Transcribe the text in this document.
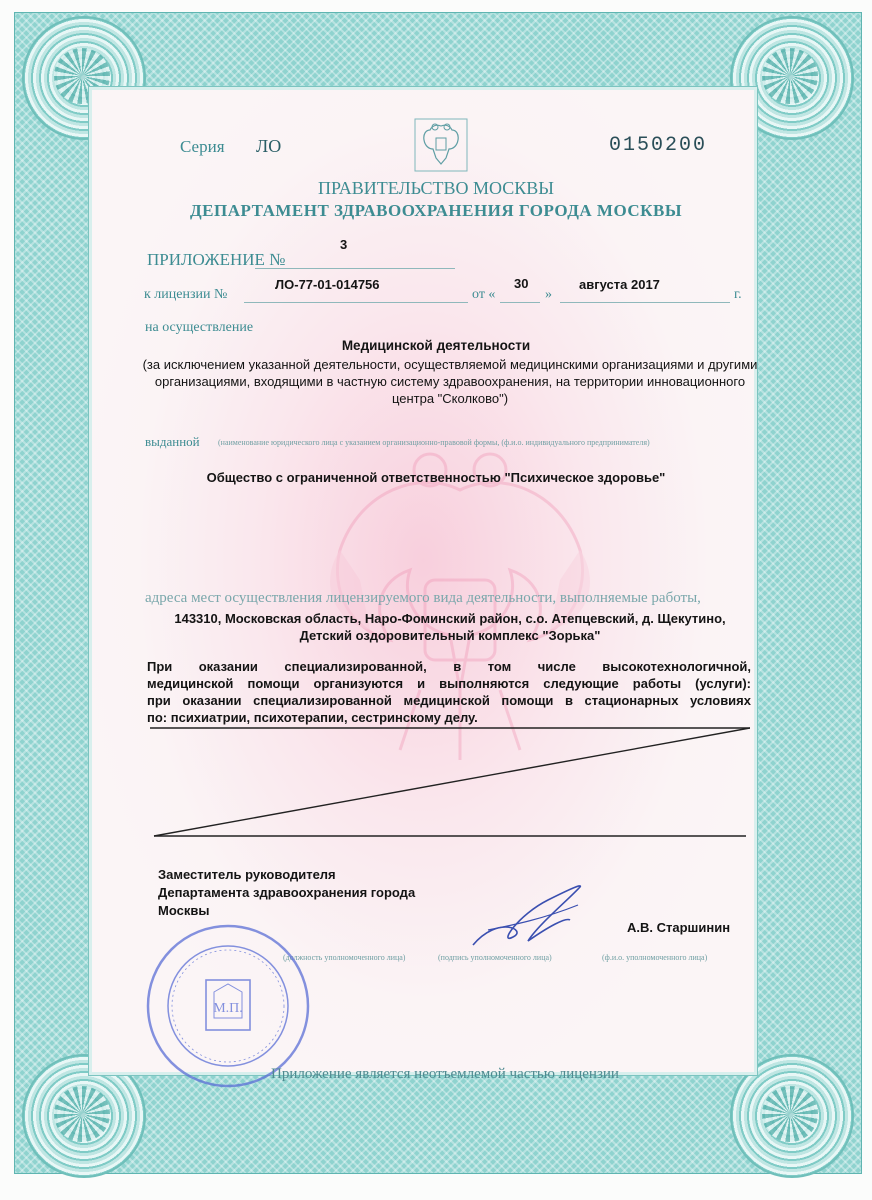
Серия ЛО	0150200
ПРАВИТЕЛЬСТВО МОСКВЫ
ДЕПАРТАМЕНТ ЗДРАВООХРАНЕНИЯ ГОРОДА МОСКВЫ
ПРИЛОЖЕНИЕ №
3
к лицензии №
ЛО-77-01-014756
от «
30
»
августа 2017
г.
на осуществление
Медицинской деятельности
(за исключением указанной деятельности, осуществляемой медицинскими организациями и другими организациями, входящими в частную систему здравоохранения, на территории инновационного центра "Сколково")
выданной (наименование юридического лица с указанием организационно-правовой формы, (ф.и.о. индивидуального предпринимателя)
Общество с ограниченной ответственностью "Психическое здоровье"
адреса мест осуществления лицензируемого вида деятельности, выполняемые работы,
143310, Московская область, Наро-Фоминский район, с.о. Атепцевский, д. Щекутино,
Детский оздоровительный комплекс "Зорька"
При оказании специализированной, в том числе высокотехнологичной,
медицинской помощи организуются и выполняются следующие работы (услуги):
при оказании специализированной медицинской помощи в стационарных условиях
по: психиатрии, психотерапии, сестринскому делу.
Заместитель руководителя Департамента здравоохранения города Москвы
(должность уполномоченного лица)	(подпись уполномоченного лица)	(ф.и.о. уполномоченного лица)
А.В. Старшинин
М.П.
Приложение является неотъемлемой частью лицензии
